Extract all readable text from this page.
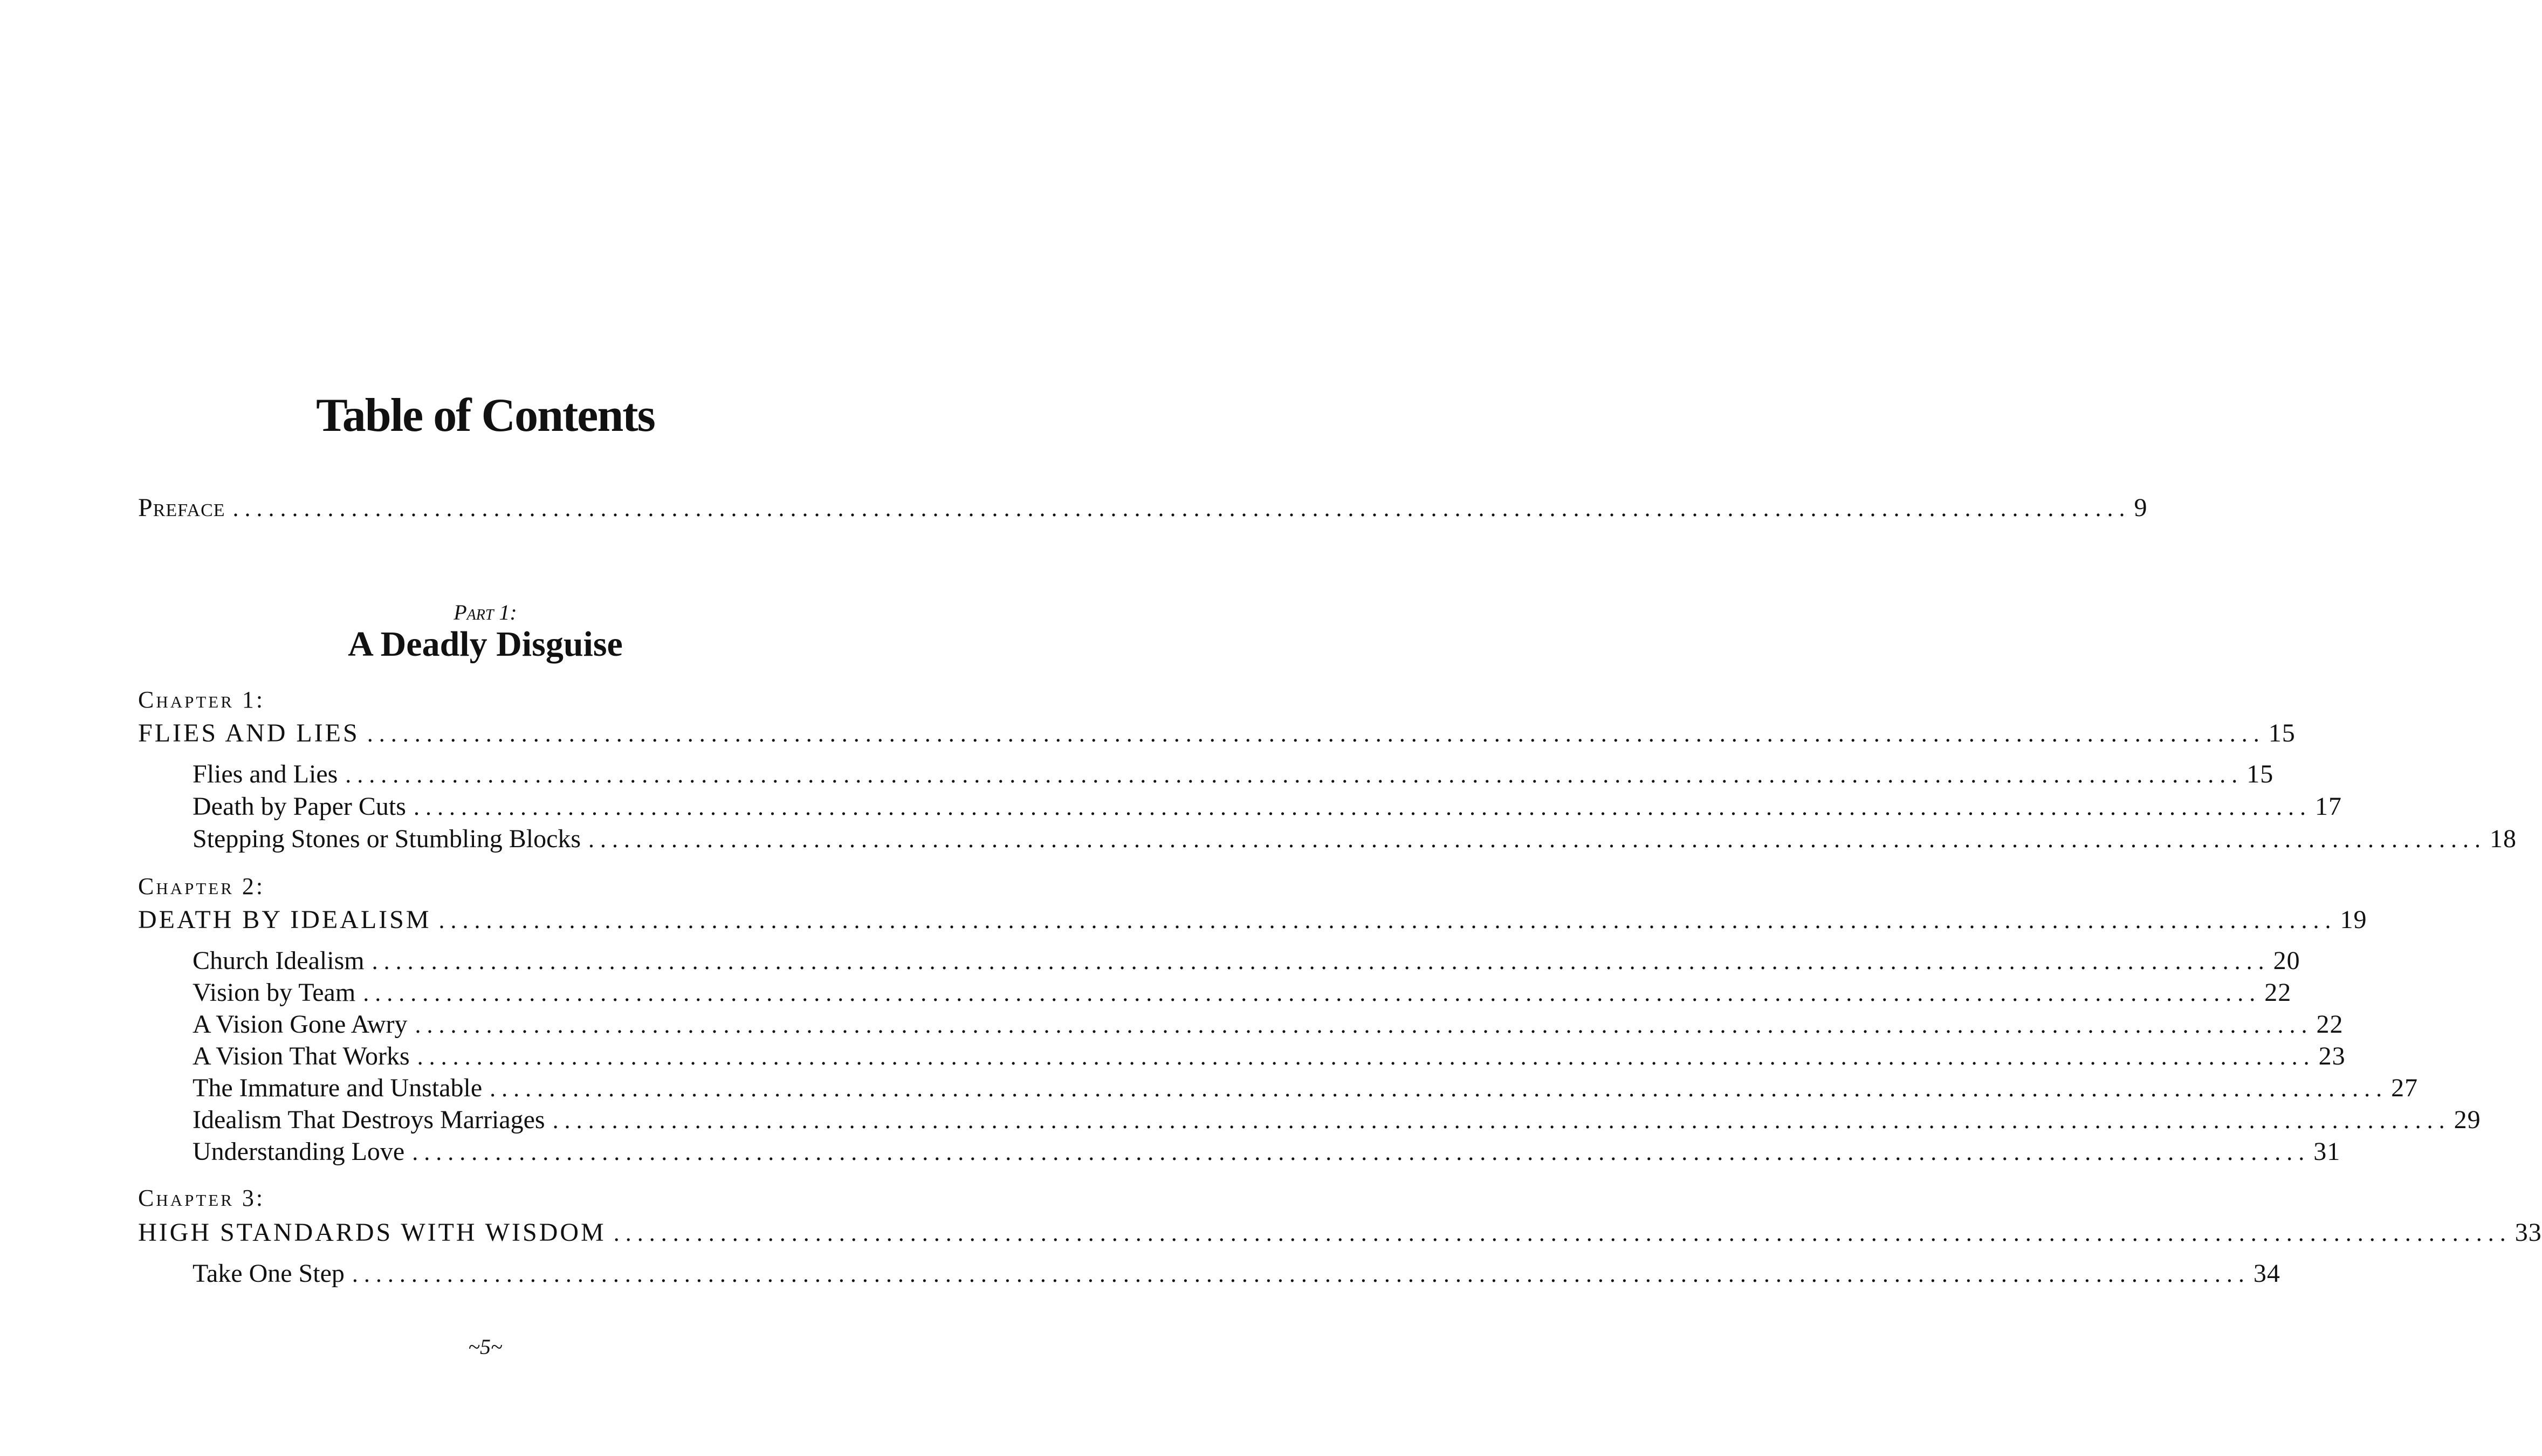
Table of Contents
Preface ................................................................................................................................................................ 9
Part 1:
A Deadly Disguise
Chapter 1:
FLIES AND LIES ................................................................................................................................................................ 15
Flies and Lies ................................................................................................................................................................ 15
Death by Paper Cuts ................................................................................................................................................................ 17
Stepping Stones or Stumbling Blocks ................................................................................................................................................................ 18
Chapter 2:
DEATH BY IDEALISM ................................................................................................................................................................ 19
Church Idealism ................................................................................................................................................................ 20
Vision by Team ................................................................................................................................................................ 22
A Vision Gone Awry ................................................................................................................................................................ 22
A Vision That Works ................................................................................................................................................................ 23
The Immature and Unstable ................................................................................................................................................................ 27
Idealism That Destroys Marriages ................................................................................................................................................................ 29
Understanding Love ................................................................................................................................................................ 31
Chapter 3:
HIGH STANDARDS WITH WISDOM ................................................................................................................................................................ 33
Take One Step ................................................................................................................................................................ 34
~5~
